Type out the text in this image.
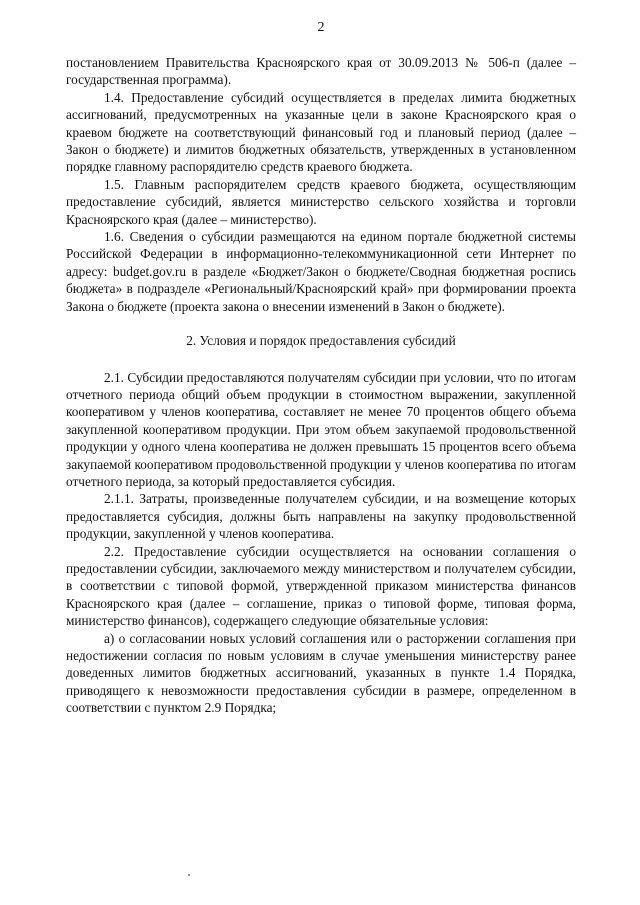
2

постановлением Правительства Красноярского края от 30.09.2013 № 506-п (далее – государственная программа).

1.4. Предоставление субсидий осуществляется в пределах лимита бюджетных ассигнований, предусмотренных на указанные цели в законе Красноярского края о краевом бюджете на соответствующий финансовый год и плановый период (далее – Закон о бюджете) и лимитов бюджетных обязательств, утвержденных в установленном порядке главному распорядителю средств краевого бюджета.

1.5. Главным распорядителем средств краевого бюджета, осуществляющим предоставление субсидий, является министерство сельского хозяйства и торговли Красноярского края (далее – министерство).

1.6. Сведения о субсидии размещаются на едином портале бюджетной системы Российской Федерации в информационно-телекоммуникационной сети Интернет по адресу: budget.gov.ru в разделе «Бюджет/Закон о бюджете/Сводная бюджетная роспись бюджета» в подразделе «Региональный/Красноярский край» при формировании проекта Закона о бюджете (проекта закона о внесении изменений в Закон о бюджете).

2. Условия и порядок предоставления субсидий

2.1. Субсидии предоставляются получателям субсидии при условии, что по итогам отчетного периода общий объем продукции в стоимостном выражении, закупленной кооперативом у членов кооператива, составляет не менее 70 процентов общего объема закупленной кооперативом продукции. При этом объем закупаемой продовольственной продукции у одного члена кооператива не должен превышать 15 процентов всего объема закупаемой кооперативом продовольственной продукции у членов кооператива по итогам отчетного периода, за который предоставляется субсидия.

2.1.1. Затраты, произведенные получателем субсидии, и на возмещение которых предоставляется субсидия, должны быть направлены на закупку продовольственной продукции, закупленной у членов кооператива.

2.2. Предоставление субсидии осуществляется на основании соглашения о предоставлении субсидии, заключаемого между министерством и получателем субсидии, в соответствии с типовой формой, утвержденной приказом министерства финансов Красноярского края (далее – соглашение, приказ о типовой форме, типовая форма, министерство финансов), содержащего следующие обязательные условия:

а) о согласовании новых условий соглашения или о расторжении соглашения при недостижении согласия по новым условиям в случае уменьшения министерству ранее доведенных лимитов бюджетных ассигнований, указанных в пункте 1.4 Порядка, приводящего к невозможности предоставления субсидии в размере, определенном в соответствии с пунктом 2.9 Порядка;
